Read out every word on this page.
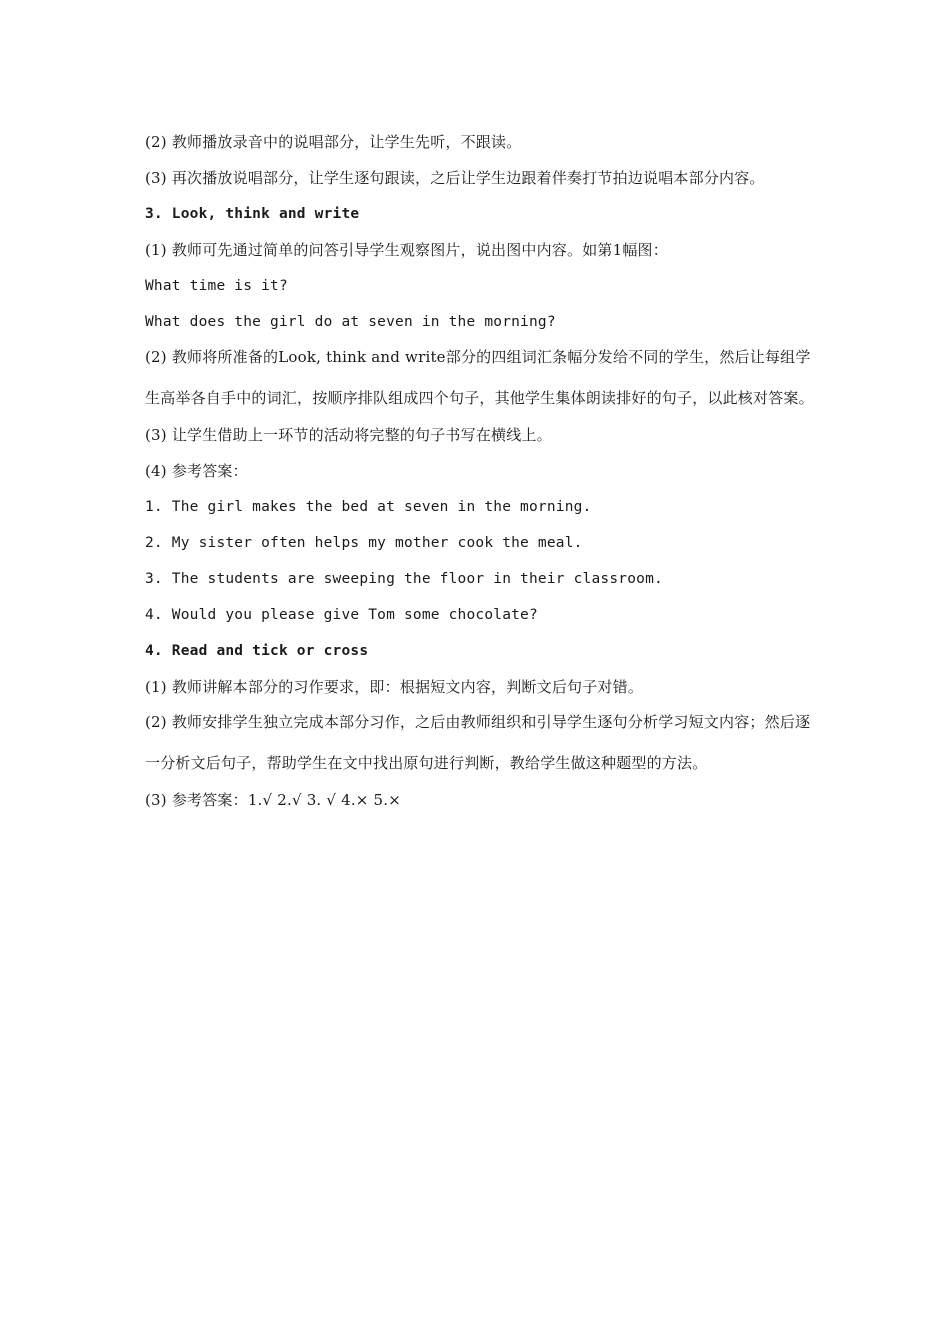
(2) 教师播放录音中的说唱部分，让学生先听，不跟读。
(3) 再次播放说唱部分，让学生逐句跟读，之后让学生边跟着伴奏打节拍边说唱本部分内容。
3. Look, think and write
(1) 教师可先通过简单的问答引导学生观察图片，说出图中内容。如第1幅图：
What time is it?
What does the girl do at seven in the morning?
(2) 教师将所准备的Look, think and write部分的四组词汇条幅分发给不同的学生，然后让每组学生高举各自手中的词汇，按顺序排队组成四个句子，其他学生集体朗读排好的句子，以此核对答案。
(3) 让学生借助上一环节的活动将完整的句子书写在横线上。
(4) 参考答案：
1. The girl makes the bed at seven in the morning.
2. My sister often helps my mother cook the meal.
3. The students are sweeping the floor in their classroom.
4. Would you please give Tom some chocolate?
4. Read and tick or cross
(1) 教师讲解本部分的习作要求，即：根据短文内容，判断文后句子对错。
(2) 教师安排学生独立完成本部分习作，之后由教师组织和引导学生逐句分析学习短文内容；然后逐一分析文后句子，帮助学生在文中找出原句进行判断，教给学生做这种题型的方法。
(3) 参考答案：1.√ 2.√ 3. √ 4.× 5.×
